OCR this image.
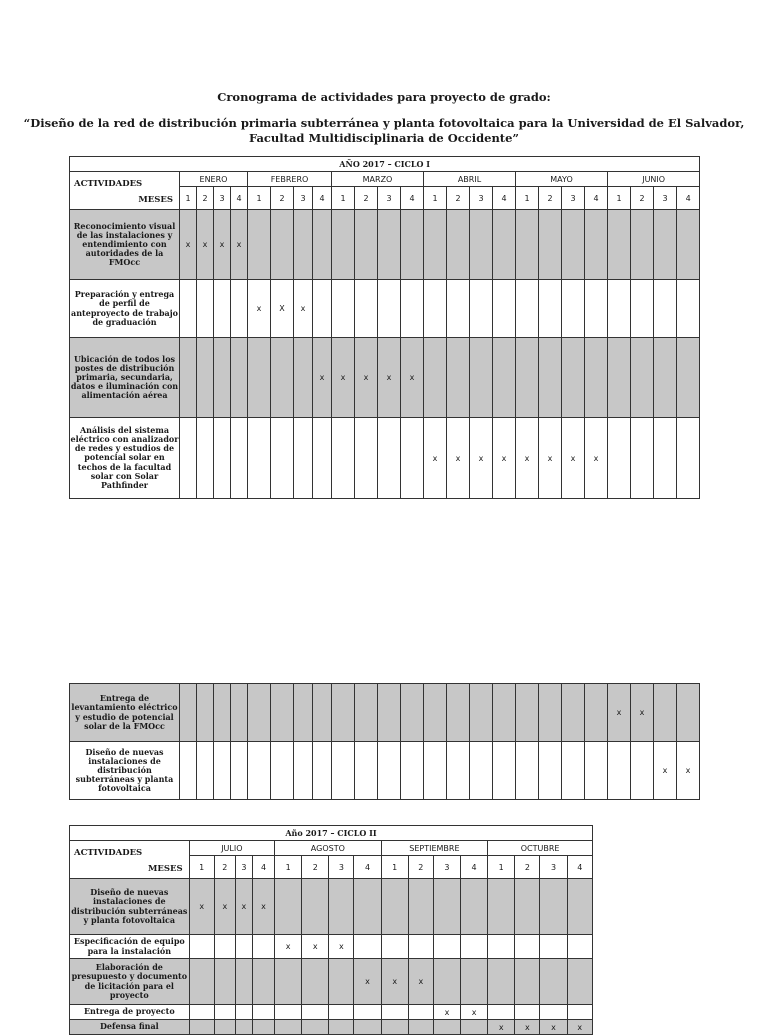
Cronograma de actividades para proyecto de grado:
“Diseño de la red de distribución primaria subterránea y planta fotovoltaica para la Universidad de El Salvador,
Facultad Multidisciplinaria de Occidente”
AÑO 2017 – CICLO I																								

MESES
ACTIVIDADES	ENERO				FEBRERO				MARZO				ABRIL				MAYO				JUNIO			
	1	2	3	4	1	2	3	4	1	2	3	4	1	2	3	4	1	2	3	4	1	2	3	4
Reconocimiento visual de las instalaciones y entendimiento con autoridades de la FMOcc	x	x	x	x																				
Preparación y entrega de perfil de anteproyecto de trabajo de graduación					x	X	x																	
Ubicación de todos los postes de distribución primaria, secundaria, datos e iluminación con alimentación aérea								x	x	x	x	x												
Análisis del sistema eléctrico con analizador de redes y estudios de potencial solar en techos de la facultad solar con Solar Pathfinder													x	x	x	x	x	x	x	x				
Entrega de levantamiento eléctrico y estudio de potencial solar de la FMOcc																					x	x		
Diseño de nuevas instalaciones de distribución subterráneas y planta fotovoltaica																							x	x
Año 2017 – CICLO II																

MESES
ACTIVIDADES	JULIO				AGOSTO				SEPTIEMBRE				OCTUBRE			
	1	2	3	4	1	2	3	4	1	2	3	4	1	2	3	4
Diseño de nuevas instalaciones de distribución subterráneas y planta fotovoltaica	x	x	x	x												
Especificación de equipo para la instalación					x	x	x									
Elaboración de presupuesto y documento de licitación para el proyecto								x	x	x						
Entrega de proyecto											x	x				
Defensa final													x	x	x	x
